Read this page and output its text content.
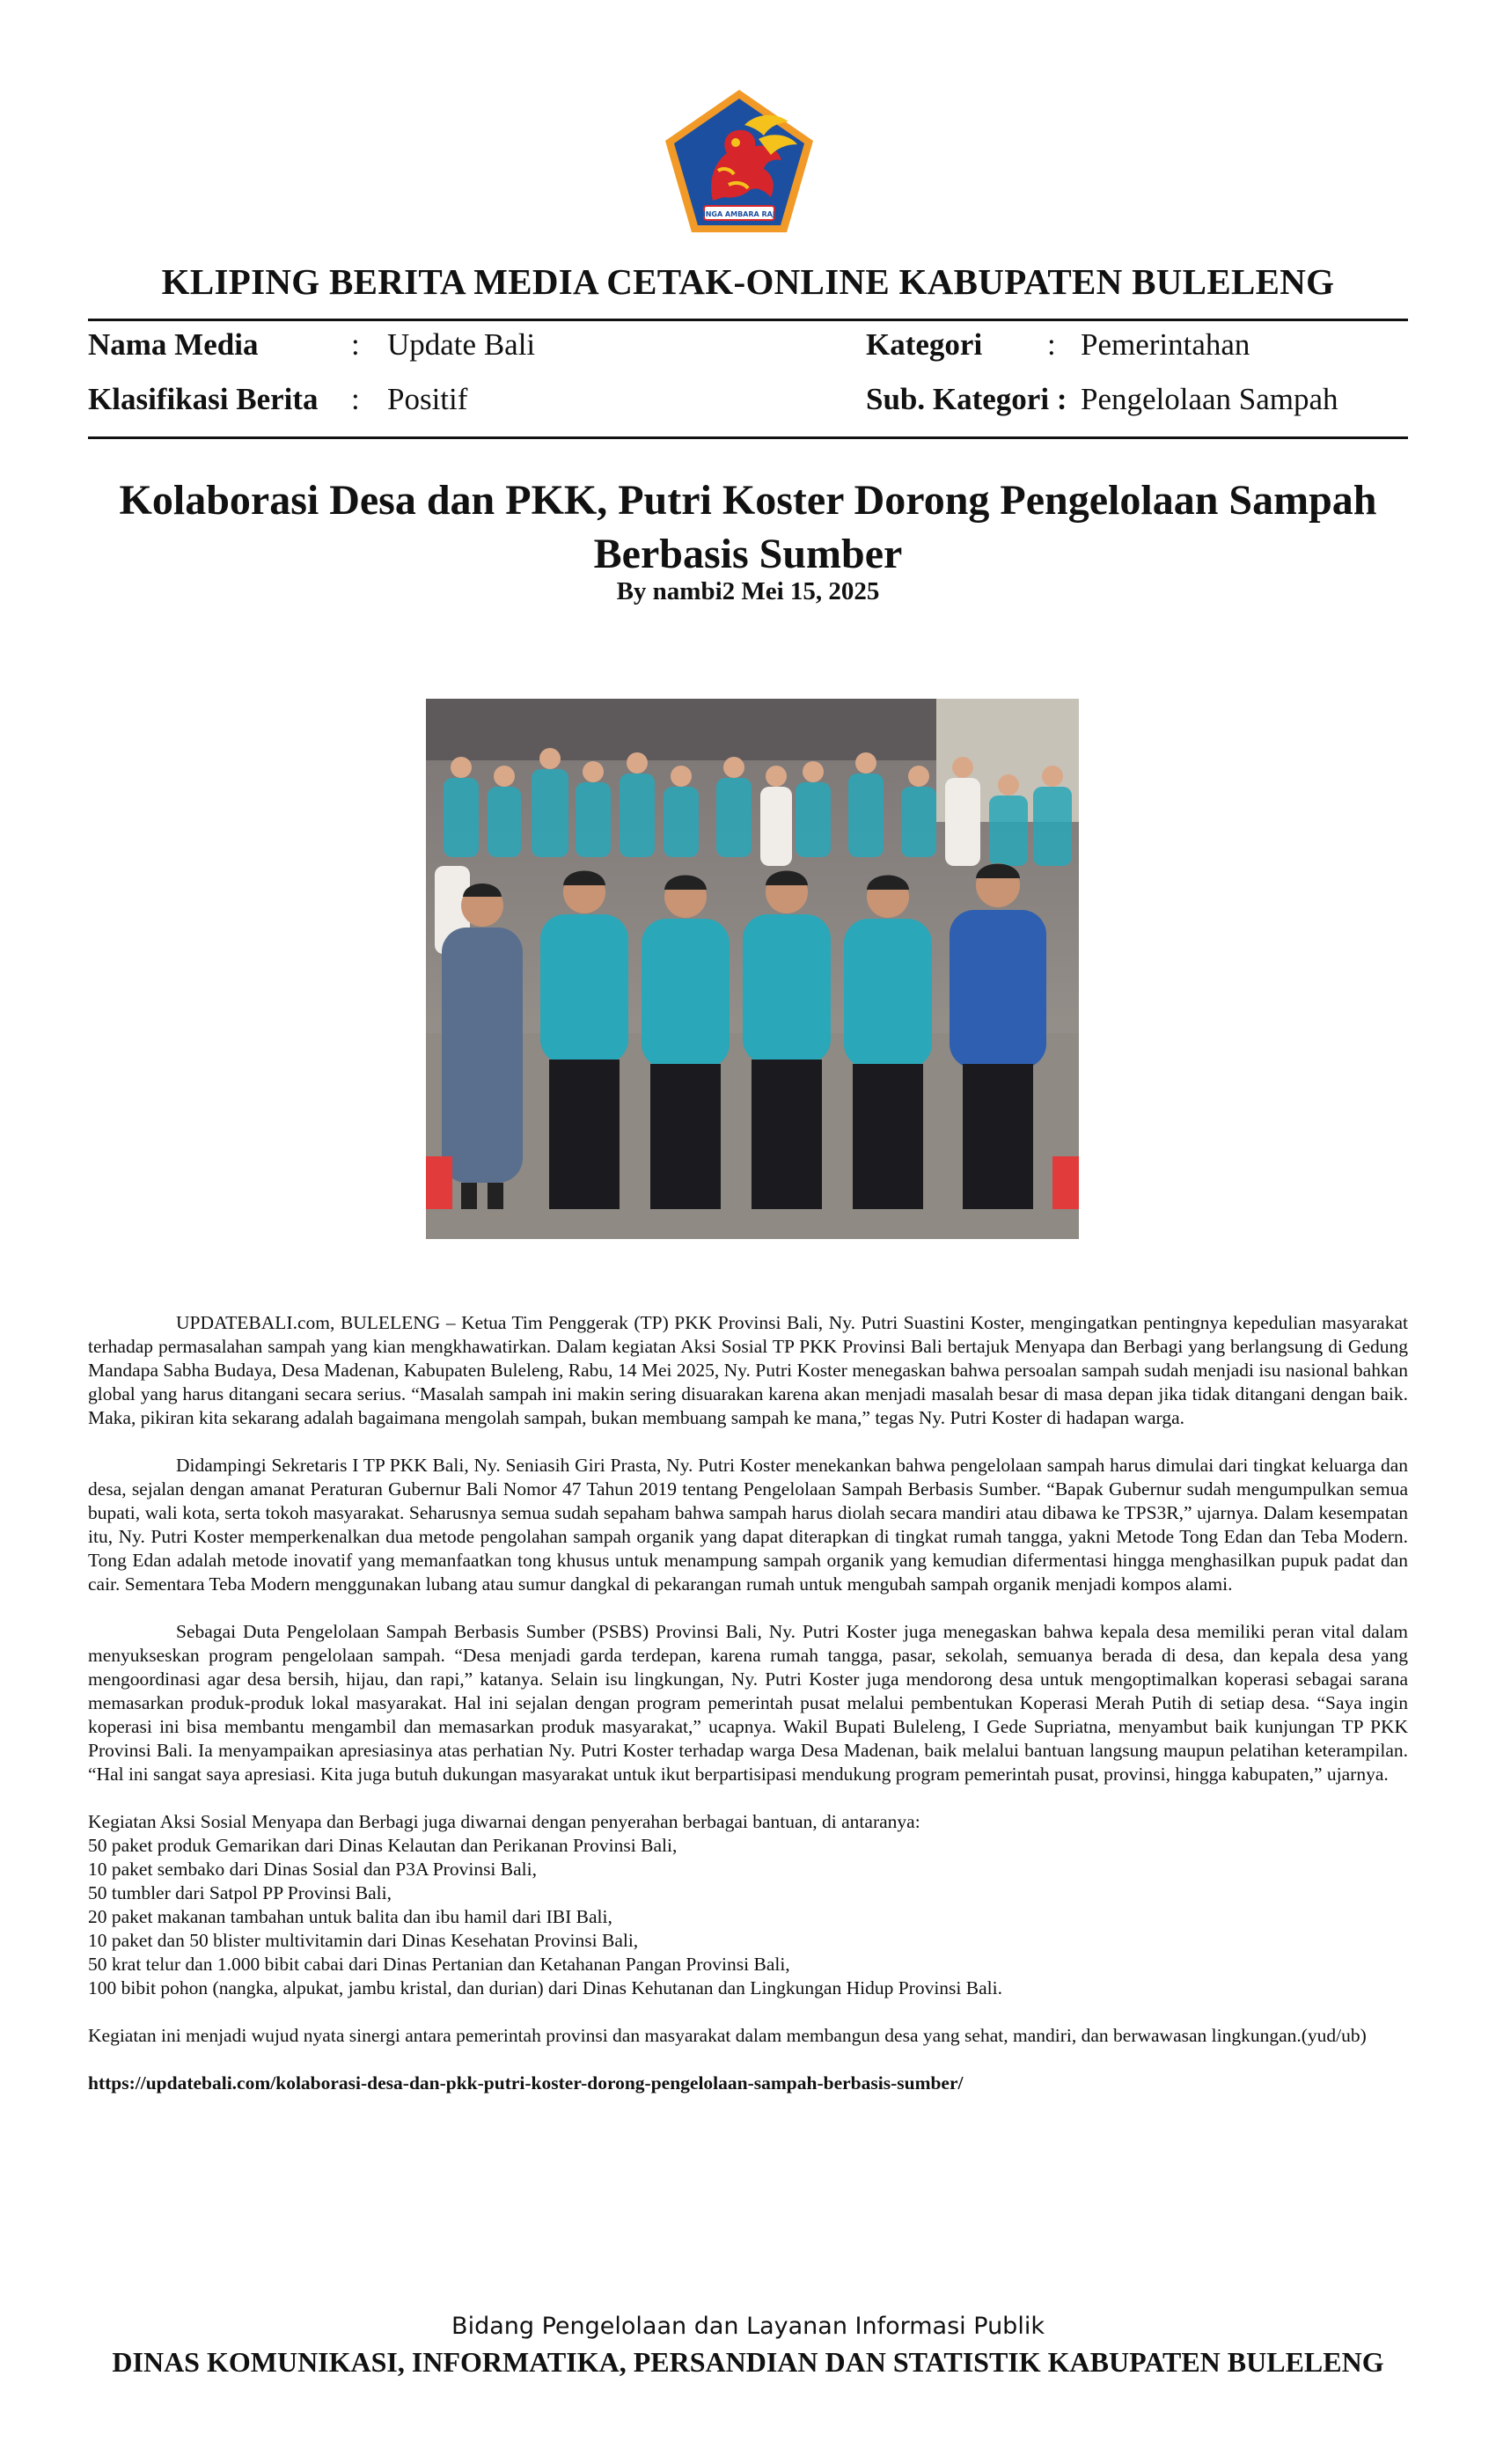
SINGA AMBARA RAJA
KLIPING BERITA MEDIA CETAK-ONLINE KABUPATEN BULELENG
Nama Media	: Update Bali	Kategori : Pemerintahan
Klasifikasi Berita : Positif	Sub. Kategori : Pengelolaan Sampah
Kolaborasi Desa dan PKK, Putri Koster Dorong Pengelolaan Sampah Berbasis Sumber
By nambi2 Mei 15, 2025

UPDATEBALI.com, BULELENG – Ketua Tim Penggerak (TP) PKK Provinsi Bali, Ny. Putri Suastini Koster, mengingatkan pentingnya kepedulian masyarakat terhadap permasalahan sampah yang kian mengkhawatirkan. Dalam kegiatan Aksi Sosial TP PKK Provinsi Bali bertajuk Menyapa dan Berbagi yang berlangsung di Gedung Mandapa Sabha Budaya, Desa Madenan, Kabupaten Buleleng, Rabu, 14 Mei 2025, Ny. Putri Koster menegaskan bahwa persoalan sampah sudah menjadi isu nasional bahkan global yang harus ditangani secara serius. “Masalah sampah ini makin sering disuarakan karena akan menjadi masalah besar di masa depan jika tidak ditangani dengan baik. Maka, pikiran kita sekarang adalah bagaimana mengolah sampah, bukan membuang sampah ke mana,” tegas Ny. Putri Koster di hadapan warga.

Didampingi Sekretaris I TP PKK Bali, Ny. Seniasih Giri Prasta, Ny. Putri Koster menekankan bahwa pengelolaan sampah harus dimulai dari tingkat keluarga dan desa, sejalan dengan amanat Peraturan Gubernur Bali Nomor 47 Tahun 2019 tentang Pengelolaan Sampah Berbasis Sumber. “Bapak Gubernur sudah mengumpulkan semua bupati, wali kota, serta tokoh masyarakat. Seharusnya semua sudah sepaham bahwa sampah harus diolah secara mandiri atau dibawa ke TPS3R,” ujarnya. Dalam kesempatan itu, Ny. Putri Koster memperkenalkan dua metode pengolahan sampah organik yang dapat diterapkan di tingkat rumah tangga, yakni Metode Tong Edan dan Teba Modern. Tong Edan adalah metode inovatif yang memanfaatkan tong khusus untuk menampung sampah organik yang kemudian difermentasi hingga menghasilkan pupuk padat dan cair. Sementara Teba Modern menggunakan lubang atau sumur dangkal di pekarangan rumah untuk mengubah sampah organik menjadi kompos alami.

Sebagai Duta Pengelolaan Sampah Berbasis Sumber (PSBS) Provinsi Bali, Ny. Putri Koster juga menegaskan bahwa kepala desa memiliki peran vital dalam menyukseskan program pengelolaan sampah. “Desa menjadi garda terdepan, karena rumah tangga, pasar, sekolah, semuanya berada di desa, dan kepala desa yang mengoordinasi agar desa bersih, hijau, dan rapi,” katanya. Selain isu lingkungan, Ny. Putri Koster juga mendorong desa untuk mengoptimalkan koperasi sebagai sarana memasarkan produk-produk lokal masyarakat. Hal ini sejalan dengan program pemerintah pusat melalui pembentukan Koperasi Merah Putih di setiap desa. “Saya ingin koperasi ini bisa membantu mengambil dan memasarkan produk masyarakat,” ucapnya. Wakil Bupati Buleleng, I Gede Supriatna, menyambut baik kunjungan TP PKK Provinsi Bali. Ia menyampaikan apresiasinya atas perhatian Ny. Putri Koster terhadap warga Desa Madenan, baik melalui bantuan langsung maupun pelatihan keterampilan. “Hal ini sangat saya apresiasi. Kita juga butuh dukungan masyarakat untuk ikut berpartisipasi mendukung program pemerintah pusat, provinsi, hingga kabupaten,” ujarnya.

Kegiatan Aksi Sosial Menyapa dan Berbagi juga diwarnai dengan penyerahan berbagai bantuan, di antaranya:
50 paket produk Gemarikan dari Dinas Kelautan dan Perikanan Provinsi Bali,
10 paket sembako dari Dinas Sosial dan P3A Provinsi Bali,
50 tumbler dari Satpol PP Provinsi Bali,
20 paket makanan tambahan untuk balita dan ibu hamil dari IBI Bali,
10 paket dan 50 blister multivitamin dari Dinas Kesehatan Provinsi Bali,
50 krat telur dan 1.000 bibit cabai dari Dinas Pertanian dan Ketahanan Pangan Provinsi Bali,
100 bibit pohon (nangka, alpukat, jambu kristal, dan durian) dari Dinas Kehutanan dan Lingkungan Hidup Provinsi Bali.

Kegiatan ini menjadi wujud nyata sinergi antara pemerintah provinsi dan masyarakat dalam membangun desa yang sehat, mandiri, dan berwawasan lingkungan.(yud/ub)

https://updatebali.com/kolaborasi-desa-dan-pkk-putri-koster-dorong-pengelolaan-sampah-berbasis-sumber/

Bidang Pengelolaan dan Layanan Informasi Publik
DINAS KOMUNIKASI, INFORMATIKA, PERSANDIAN DAN STATISTIK KABUPATEN BULELENG
